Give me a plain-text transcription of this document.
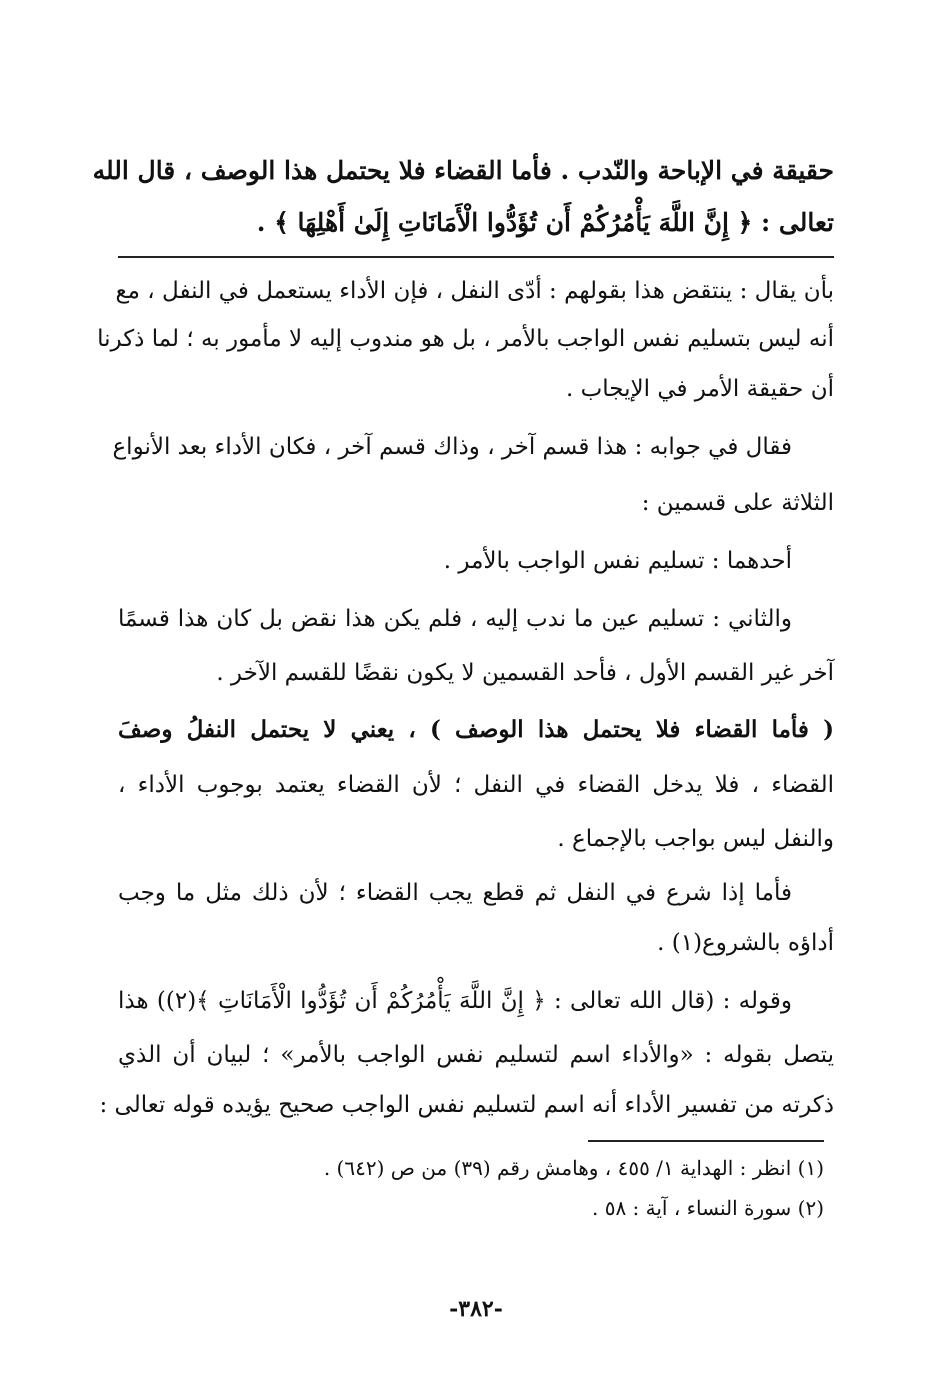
حقيقة في الإباحة والنّدب . فأما القضاء فلا يحتمل هذا الوصف ، قال الله
تعالى : ﴿ إِنَّ اللَّهَ يَأْمُرُكُمْ أَن تُؤَدُّوا الْأَمَانَاتِ إِلَىٰ أَهْلِهَا ﴾ .
بأن يقال : ينتقض هذا بقولهم : أدّى النفل ، فإن الأداء يستعمل في النفل ، مع
أنه ليس بتسليم نفس الواجب بالأمر ، بل هو مندوب إليه لا مأمور به ؛ لما ذكرنا
أن حقيقة الأمر في الإيجاب .
فقال في جوابه : هذا قسم آخر ، وذاك قسم آخر ، فكان الأداء بعد الأنواع
الثلاثة على قسمين :
أحدهما : تسليم نفس الواجب بالأمر .
والثاني : تسليم عين ما ندب إليه ، فلم يكن هذا نقض بل كان هذا قسمًا
آخر غير القسم الأول ، فأحد القسمين لا يكون نقضًا للقسم الآخر .
( فأما القضاء فلا يحتمل هذا الوصف ) ، يعني لا يحتمل النفلُ وصفَ
القضاء ، فلا يدخل القضاء في النفل ؛ لأن القضاء يعتمد بوجوب الأداء ،
والنفل ليس بواجب بالإجماع .
فأما إذا شرع في النفل ثم قطع يجب القضاء ؛ لأن ذلك مثل ما وجب
أداؤه بالشروع(١) .
وقوله : (قال الله تعالى : ﴿ إِنَّ اللَّهَ يَأْمُرُكُمْ أَن تُؤَدُّوا الْأَمَانَاتِ ﴾(٢)) هذا
يتصل بقوله : «والأداء اسم لتسليم نفس الواجب بالأمر» ؛ لبيان أن الذي
ذكرته من تفسير الأداء أنه اسم لتسليم نفس الواجب صحيح يؤيده قوله تعالى :
(١) انظر : الهداية ١/ ٤٥٥ ، وهامش رقم (٣٩) من ص (٦٤٢) .
(٢) سورة النساء ، آية : ٥٨ .
-٣٨٢-
